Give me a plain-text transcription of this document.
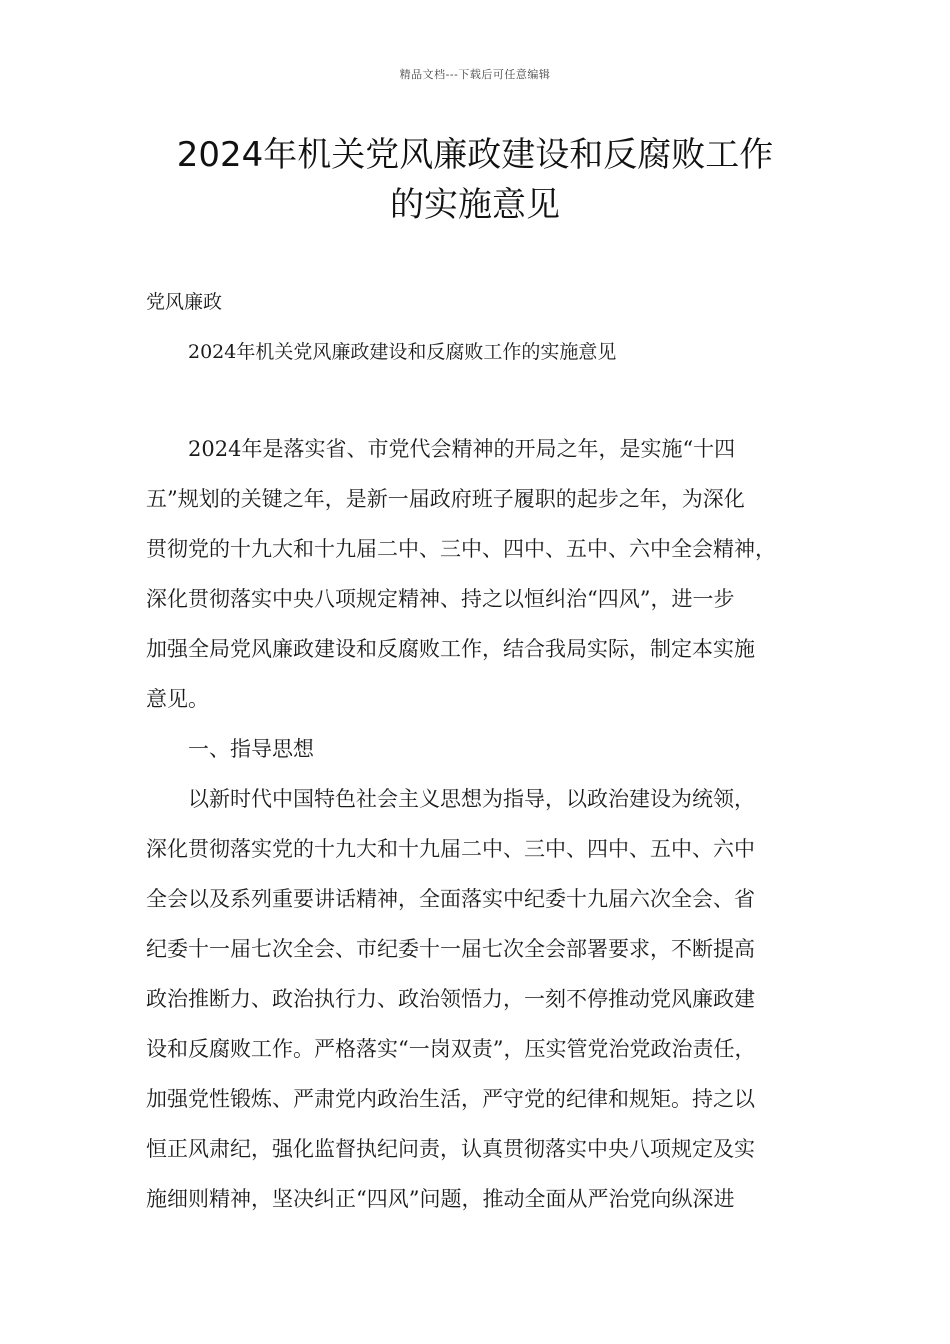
精品文档---下载后可任意编辑
2024年机关党风廉政建设和反腐败工作
的实施意见
党风廉政
2024年机关党风廉政建设和反腐败工作的实施意见
2024年是落实省、市党代会精神的开局之年，是实施“十四
五”规划的关键之年，是新一届政府班子履职的起步之年，为深化
贯彻党的十九大和十九届二中、三中、四中、五中、六中全会精神，
深化贯彻落实中央八项规定精神、持之以恒纠治“四风”，进一步
加强全局党风廉政建设和反腐败工作，结合我局实际，制定本实施
意见。
一、指导思想
以新时代中国特色社会主义思想为指导，以政治建设为统领，
深化贯彻落实党的十九大和十九届二中、三中、四中、五中、六中
全会以及系列重要讲话精神，全面落实中纪委十九届六次全会、省
纪委十一届七次全会、市纪委十一届七次全会部署要求，不断提高
政治推断力、政治执行力、政治领悟力，一刻不停推动党风廉政建
设和反腐败工作。严格落实“一岗双责”，压实管党治党政治责任，
加强党性锻炼、严肃党内政治生活，严守党的纪律和规矩。持之以
恒正风肃纪，强化监督执纪问责，认真贯彻落实中央八项规定及实
施细则精神，坚决纠正“四风”问题，推动全面从严治党向纵深进
